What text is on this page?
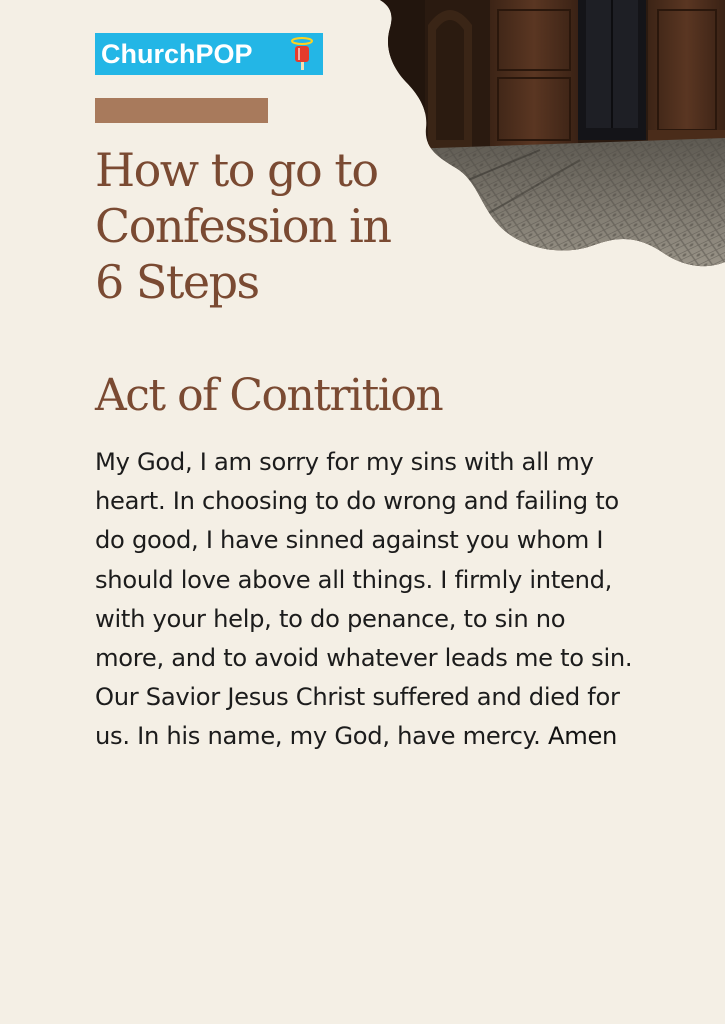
ChurchPOP
How to go to Confession in 6 Steps
Act of Contrition

My God, I am sorry for my sins with all my heart. In choosing to do wrong and failing to do good, I have sinned against you whom I should love above all things. I firmly intend, with your help, to do penance, to sin no more, and to avoid whatever leads me to sin. Our Savior Jesus Christ suffered and died for us. In his name, my God, have mercy. Amen
